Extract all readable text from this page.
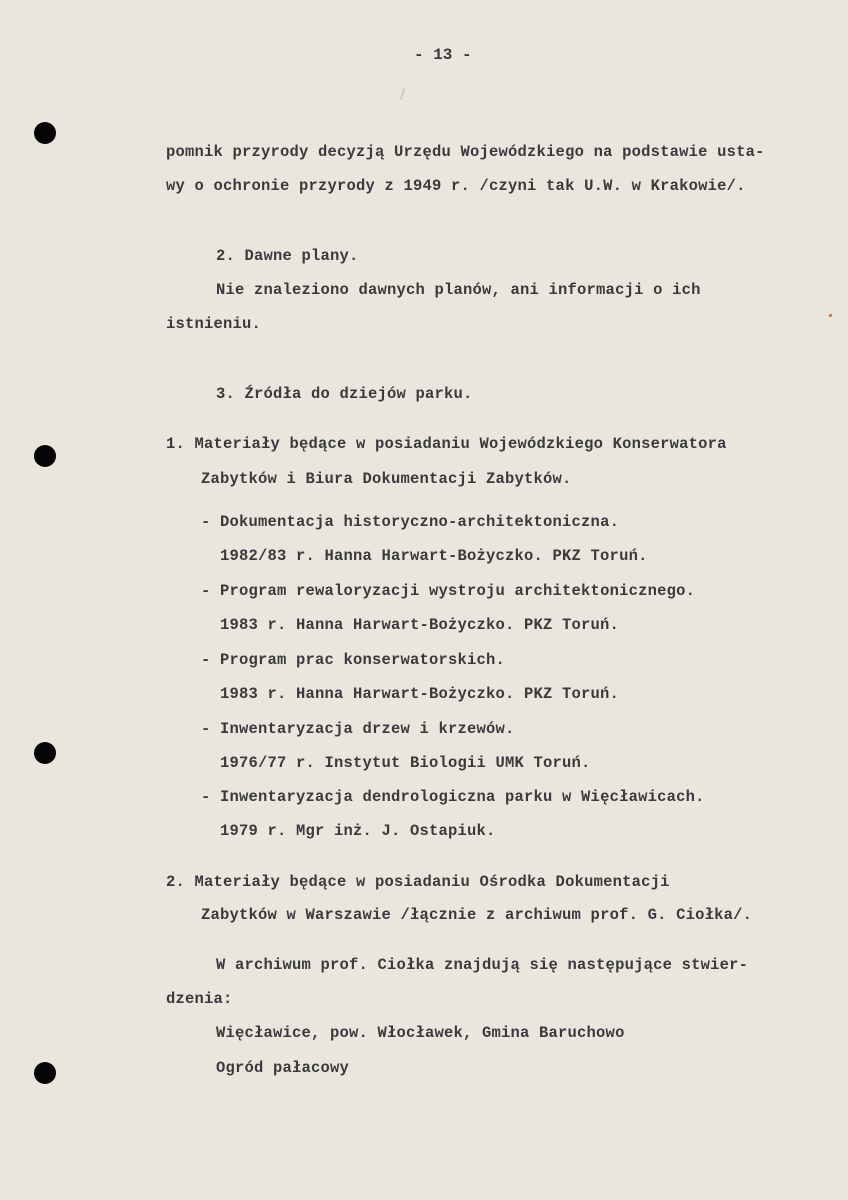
- 13 -
pomnik przyrody decyzją Urzędu Wojewódzkiego na podstawie usta-
wy o ochronie przyrody z 1949 r. /czyni tak U.W. w Krakowie/.
2. Dawne plany.
Nie znaleziono dawnych planów, ani informacji o ich
istnieniu.
3. Źródła do dziejów parku.
1. Materiały będące w posiadaniu Wojewódzkiego Konserwatora
Zabytków i Biura Dokumentacji Zabytków.
- Dokumentacja historyczno-architektoniczna.
1982/83 r. Hanna Harwart-Bożyczko. PKZ Toruń.
- Program rewaloryzacji wystroju architektonicznego.
1983 r. Hanna Harwart-Bożyczko. PKZ Toruń.
- Program prac konserwatorskich.
1983 r. Hanna Harwart-Bożyczko. PKZ Toruń.
- Inwentaryzacja drzew i krzewów.
1976/77 r. Instytut Biologii UMK Toruń.
- Inwentaryzacja dendrologiczna parku w Więcławicach.
1979 r. Mgr inż. J. Ostapiuk.
2. Materiały będące w posiadaniu Ośrodka Dokumentacji
Zabytków w Warszawie /łącznie z archiwum prof. G. Ciołka/.
W archiwum prof. Ciołka znajdują się następujące stwier-
dzenia:
Więcławice, pow. Włocławek, Gmina Baruchowo
Ogród pałacowy
